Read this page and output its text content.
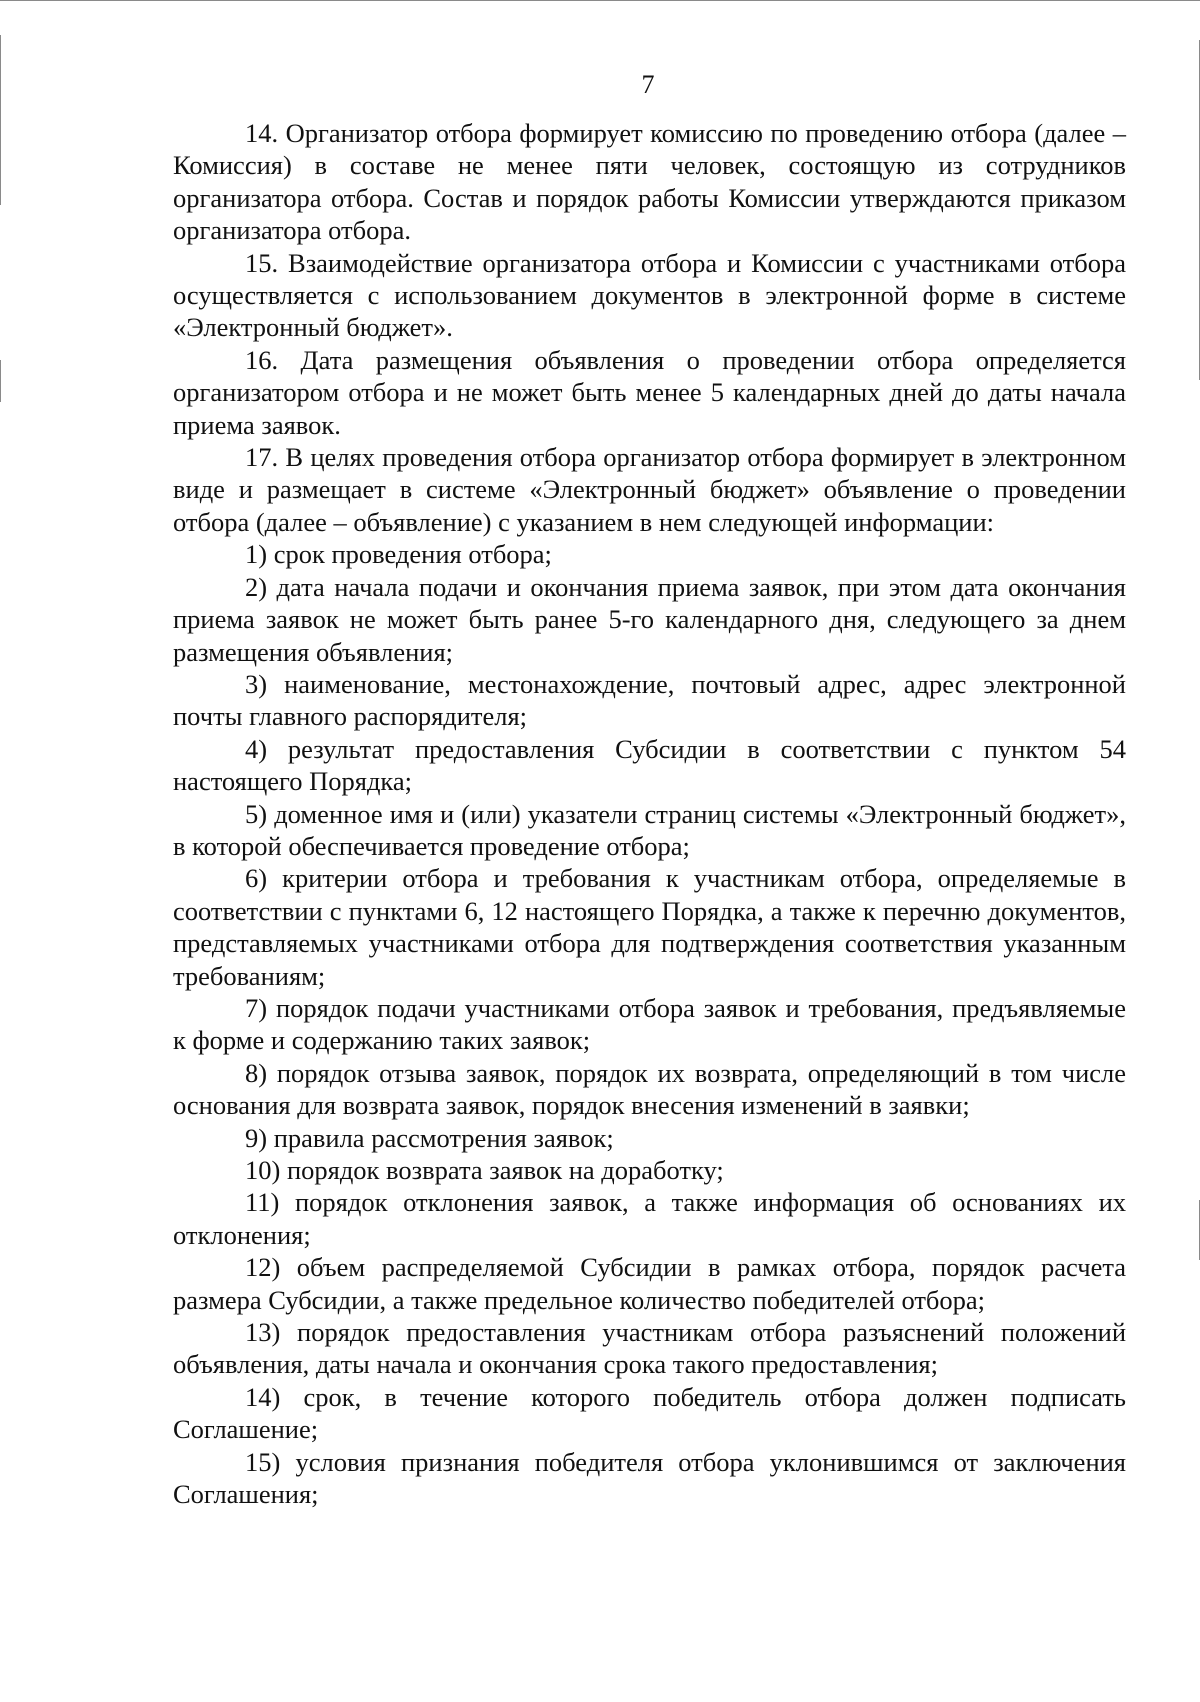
7

14. Организатор отбора формирует комиссию по проведению отбора (далее – Комиссия) в составе не менее пяти человек, состоящую из сотрудников организатора отбора. Состав и порядок работы Комиссии утверждаются приказом организатора отбора.

15. Взаимодействие организатора отбора и Комиссии с участниками отбора осуществляется с использованием документов в электронной форме в системе «Электронный бюджет».

16. Дата размещения объявления о проведении отбора определяется организатором отбора и не может быть менее 5 календарных дней до даты начала приема заявок.

17. В целях проведения отбора организатор отбора формирует в электронном виде и размещает в системе «Электронный бюджет» объявление о проведении отбора (далее – объявление) с указанием в нем следующей информации:

1) срок проведения отбора;

2) дата начала подачи и окончания приема заявок, при этом дата окончания приема заявок не может быть ранее 5-го календарного дня, следующего за днем размещения объявления;

3) наименование, местонахождение, почтовый адрес, адрес электронной почты главного распорядителя;

4) результат предоставления Субсидии в соответствии с пунктом 54 настоящего Порядка;

5) доменное имя и (или) указатели страниц системы «Электронный бюджет», в которой обеспечивается проведение отбора;

6) критерии отбора и требования к участникам отбора, определяемые в соответствии с пунктами 6, 12 настоящего Порядка, а также к перечню документов, представляемых участниками отбора для подтверждения соответствия указанным требованиям;

7) порядок подачи участниками отбора заявок и требования, предъявляемые к форме и содержанию таких заявок;

8) порядок отзыва заявок, порядок их возврата, определяющий в том числе основания для возврата заявок, порядок внесения изменений в заявки;

9) правила рассмотрения заявок;

10) порядок возврата заявок на доработку;

11) порядок отклонения заявок, а также информация об основаниях их отклонения;

12) объем распределяемой Субсидии в рамках отбора, порядок расчета размера Субсидии, а также предельное количество победителей отбора;

13) порядок предоставления участникам отбора разъяснений положений объявления, даты начала и окончания срока такого предоставления;

14) срок, в течение которого победитель отбора должен подписать Соглашение;

15) условия признания победителя отбора уклонившимся от заключения Соглашения;
